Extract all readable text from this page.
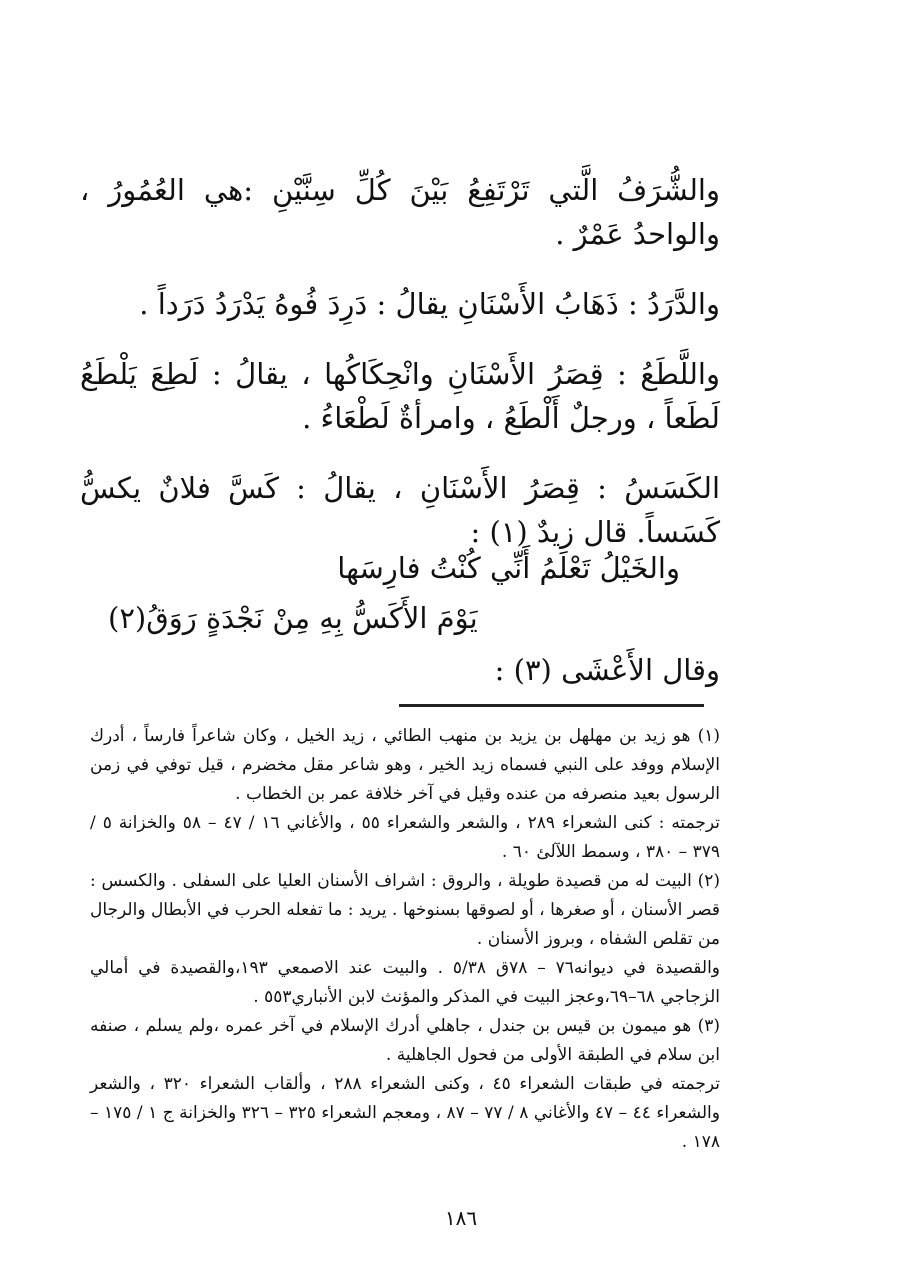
والشُّرَفُ الَّتي تَرْتَفِعُ بَيْنَ كُلِّ سِنَّيْنِ :هي العُمُورُ ، والواحدُ عَمْرٌ .

والدَّرَدُ : ذَهَابُ الأَسْنَانِ يقالُ : دَرِدَ فُوهُ يَدْرَدُ دَرَداً .

واللَّطَعُ : قِصَرُ الأَسْنَانِ وانْحِكَاكُها ، يقالُ : لَطِعَ يَلْطَعُ لَطَعاً ، ورجلٌ أَلْطَعُ ، وامرأةٌ لَطْعَاءُ .

الكَسَسُ : قِصَرُ الأَسْنَانِ ، يقالُ : كَسَّ فلانٌ يكسُّ كَسَساً. قال زيدٌ (١) :

والخَيْلُ تَعْلَمُ أَنِّي كُنْتُ فارِسَها
يَوْمَ الأَكَسُّ بِهِ مِنْ نَجْدَةٍ رَوَقُ(٢)
وقال الأَعْشَى (٣) :

(١) هو زيد بن مهلهل بن يزيد بن منهب الطائي ، زيد الخيل ، وكان شاعراً فارساً ، أدرك الإسلام ووفد على النبي فسماه زيد الخير ، وهو شاعر مقل مخضرم ، قيل توفي في زمن الرسول بعيد منصرفه من عنده وقيل في آخر خلافة عمر بن الخطاب .

ترجمته : كنى الشعراء ٢٨٩ ، والشعر والشعراء ٥٥ ، والأغاني ١٦ / ٤٧ – ٥٨ والخزانة ٥ / ٣٧٩ – ٣٨٠ ، وسمط اللآلئ ٦٠ .

(٢) البيت له من قصيدة طويلة ، والروق : اشراف الأسنان العليا على السفلى . والكسس : قصر الأسنان ، أو صغرها ، أو لصوقها بسنوخها . يريد : ما تفعله الحرب في الأبطال والرجال من تقلص الشفاه ، وبروز الأسنان .

والقصيدة في ديوانه٧٦ – ٧٨ق ٥/٣٨ . والبيت عند الاصمعي ١٩٣،والقصيدة في أمالي الزجاجي ٦٨–٦٩،وعجز البيت في المذكر والمؤنث لابن الأنباري٥٥٣ .

(٣) هو ميمون بن قيس بن جندل ، جاهلي أدرك الإسلام في آخر عمره ،ولم يسلم ، صنفه ابن سلام في الطبقة الأولى من فحول الجاهلية .

ترجمته في طبقات الشعراء ٤٥ ، وكنى الشعراء ٢٨٨ ، وألقاب الشعراء ٣٢٠ ، والشعر والشعراء ٤٤ – ٤٧ والأغاني ٨ / ٧٧ – ٨٧ ، ومعجم الشعراء ٣٢٥ – ٣٢٦ والخزانة ج ١ / ١٧٥ – ١٧٨ .

١٨٦
